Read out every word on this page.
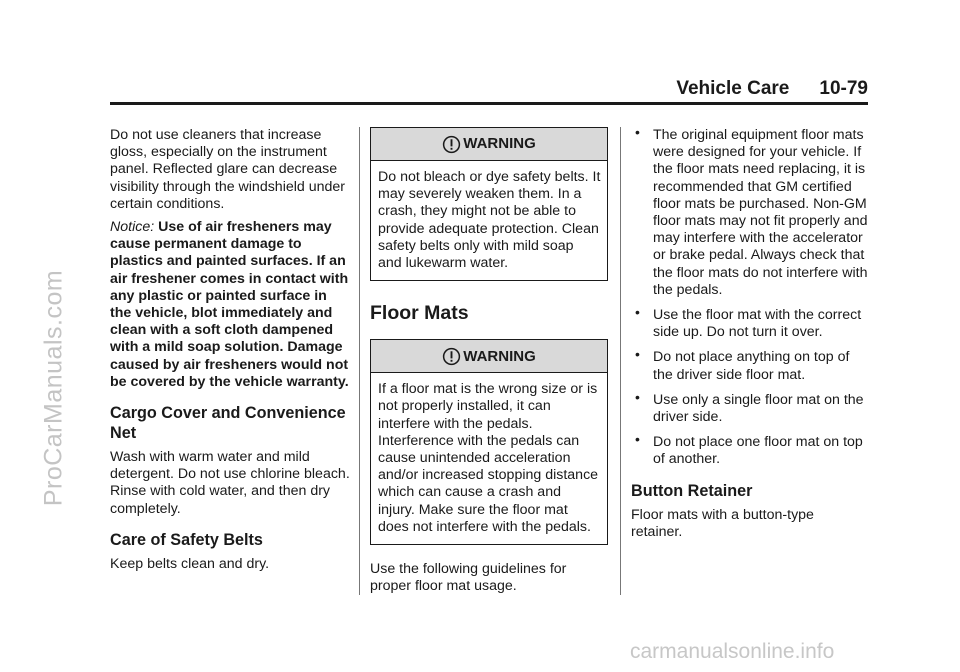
Vehicle Care 10-79
ProCarManuals.com
carmanualsonline.info

Do not use cleaners that increase gloss, especially on the instrument panel. Reflected glare can decrease visibility through the windshield under certain conditions.

Notice: Use of air fresheners may cause permanent damage to plastics and painted surfaces. If an air freshener comes in contact with any plastic or painted surface in the vehicle, blot immediately and clean with a soft cloth dampened with a mild soap solution. Damage caused by air fresheners would not be covered by the vehicle warranty.

Cargo Cover and Convenience Net

Wash with warm water and mild detergent. Do not use chlorine bleach. Rinse with cold water, and then dry completely.

Care of Safety Belts

Keep belts clean and dry.

WARNING
Do not bleach or dye safety belts. It may severely weaken them. In a crash, they might not be able to provide adequate protection. Clean safety belts only with mild soap and lukewarm water.
Floor Mats
WARNING
If a floor mat is the wrong size or is not properly installed, it can interfere with the pedals. Interference with the pedals can cause unintended acceleration and/or increased stopping distance which can cause a crash and injury. Make sure the floor mat does not interfere with the pedals.

Use the following guidelines for proper floor mat usage.

• The original equipment floor mats were designed for your vehicle. If the floor mats need replacing, it is recommended that GM certified floor mats be purchased. Non-GM floor mats may not fit properly and may interfere with the accelerator or brake pedal. Always check that the floor mats do not interfere with the pedals.
• Use the floor mat with the correct side up. Do not turn it over.
• Do not place anything on top of the driver side floor mat.
• Use only a single floor mat on the driver side.
• Do not place one floor mat on top of another.
Button Retainer

Floor mats with a button-type retainer.
